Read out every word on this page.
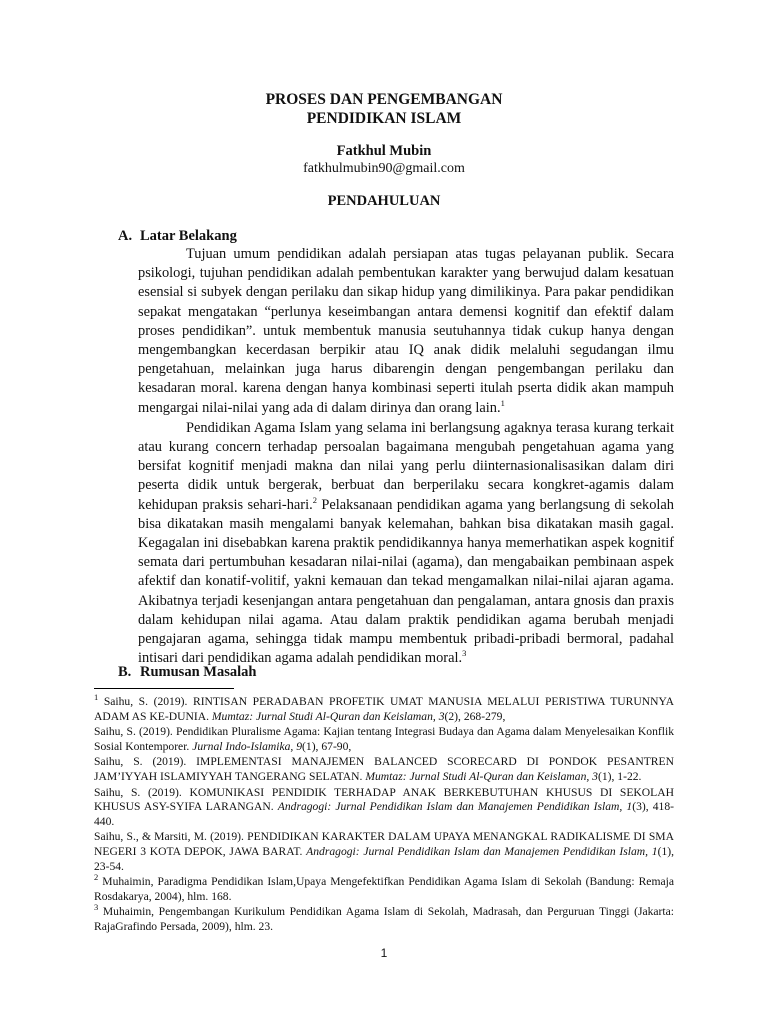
PROSES DAN PENGEMBANGAN
PENDIDIKAN ISLAM
Fatkhul Mubin
fatkhulmubin90@gmail.com
PENDAHULUAN
A. Latar Belakang

Tujuan umum pendidikan adalah persiapan atas tugas pelayanan publik. Secara psikologi, tujuhan pendidikan adalah pembentukan karakter yang berwujud dalam kesatuan esensial si subyek dengan perilaku dan sikap hidup yang dimilikinya. Para pakar pendidikan sepakat mengatakan “perlunya keseimbangan antara demensi kognitif dan efektif dalam proses pendidikan”. untuk membentuk manusia seutuhannya tidak cukup hanya dengan mengembangkan kecerdasan berpikir atau IQ anak didik melaluhi segudangan ilmu pengetahuan, melainkan juga harus dibarengin dengan pengembangan perilaku dan kesadaran moral. karena dengan hanya kombinasi seperti itulah pserta didik akan mampuh mengargai nilai-nilai yang ada di dalam dirinya dan orang lain.$^1$

Pendidikan Agama Islam yang selama ini berlangsung agaknya terasa kurang terkait atau kurang concern terhadap persoalan bagaimana mengubah pengetahuan agama yang bersifat kognitif menjadi makna dan nilai yang perlu diinternasionalisasikan dalam diri peserta didik untuk bergerak, berbuat dan berperilaku secara kongkret-agamis dalam kehidupan praksis sehari-hari.$^2$ Pelaksanaan pendidikan agama yang berlangsung di sekolah bisa dikatakan masih mengalami banyak kelemahan, bahkan bisa dikatakan masih gagal. Kegagalan ini disebabkan karena praktik pendidikannya hanya memerhatikan aspek kognitif semata dari pertumbuhan kesadaran nilai-nilai (agama), dan mengabaikan pembinaan aspek afektif dan konatif-volitif, yakni kemauan dan tekad mengamalkan nilai-nilai ajaran agama. Akibatnya terjadi kesenjangan antara pengetahuan dan pengalaman, antara gnosis dan praxis dalam kehidupan nilai agama. Atau dalam praktik pendidikan agama berubah menjadi pengajaran agama, sehingga tidak mampu membentuk pribadi-pribadi bermoral, padahal intisari dari pendidikan agama adalah pendidikan moral.$^3$

B. Rumusan Masalah

$^1$ Saihu, S. (2019). RINTISAN PERADABAN PROFETIK UMAT MANUSIA MELALUI PERISTIWA TURUNNYA ADAM AS KE-DUNIA. Mumtaz: Jurnal Studi Al-Quran dan Keislaman, 3(2), 268-279,

Saihu, S. (2019). Pendidikan Pluralisme Agama: Kajian tentang Integrasi Budaya dan Agama dalam Menyelesaikan Konflik Sosial Kontemporer. Jurnal Indo-Islamika, 9(1), 67-90,

Saihu, S. (2019). IMPLEMENTASI MANAJEMEN BALANCED SCORECARD DI PONDOK PESANTREN JAM’IYYAH ISLAMIYYAH TANGERANG SELATAN. Mumtaz: Jurnal Studi Al-Quran dan Keislaman, 3(1), 1-22.

Saihu, S. (2019). KOMUNIKASI PENDIDIK TERHADAP ANAK BERKEBUTUHAN KHUSUS DI SEKOLAH KHUSUS ASY-SYIFA LARANGAN. Andragogi: Jurnal Pendidikan Islam dan Manajemen Pendidikan Islam, 1(3), 418-440.

Saihu, S., & Marsiti, M. (2019). PENDIDIKAN KARAKTER DALAM UPAYA MENANGKAL RADIKALISME DI SMA NEGERI 3 KOTA DEPOK, JAWA BARAT. Andragogi: Jurnal Pendidikan Islam dan Manajemen Pendidikan Islam, 1(1), 23-54.

$^2$ Muhaimin, Paradigma Pendidikan Islam,Upaya Mengefektifkan Pendidikan Agama Islam di Sekolah (Bandung: Remaja Rosdakarya, 2004), hlm. 168.

$^3$ Muhaimin, Pengembangan Kurikulum Pendidikan Agama Islam di Sekolah, Madrasah, dan Perguruan Tinggi (Jakarta: RajaGrafindo Persada, 2009), hlm. 23.

1
